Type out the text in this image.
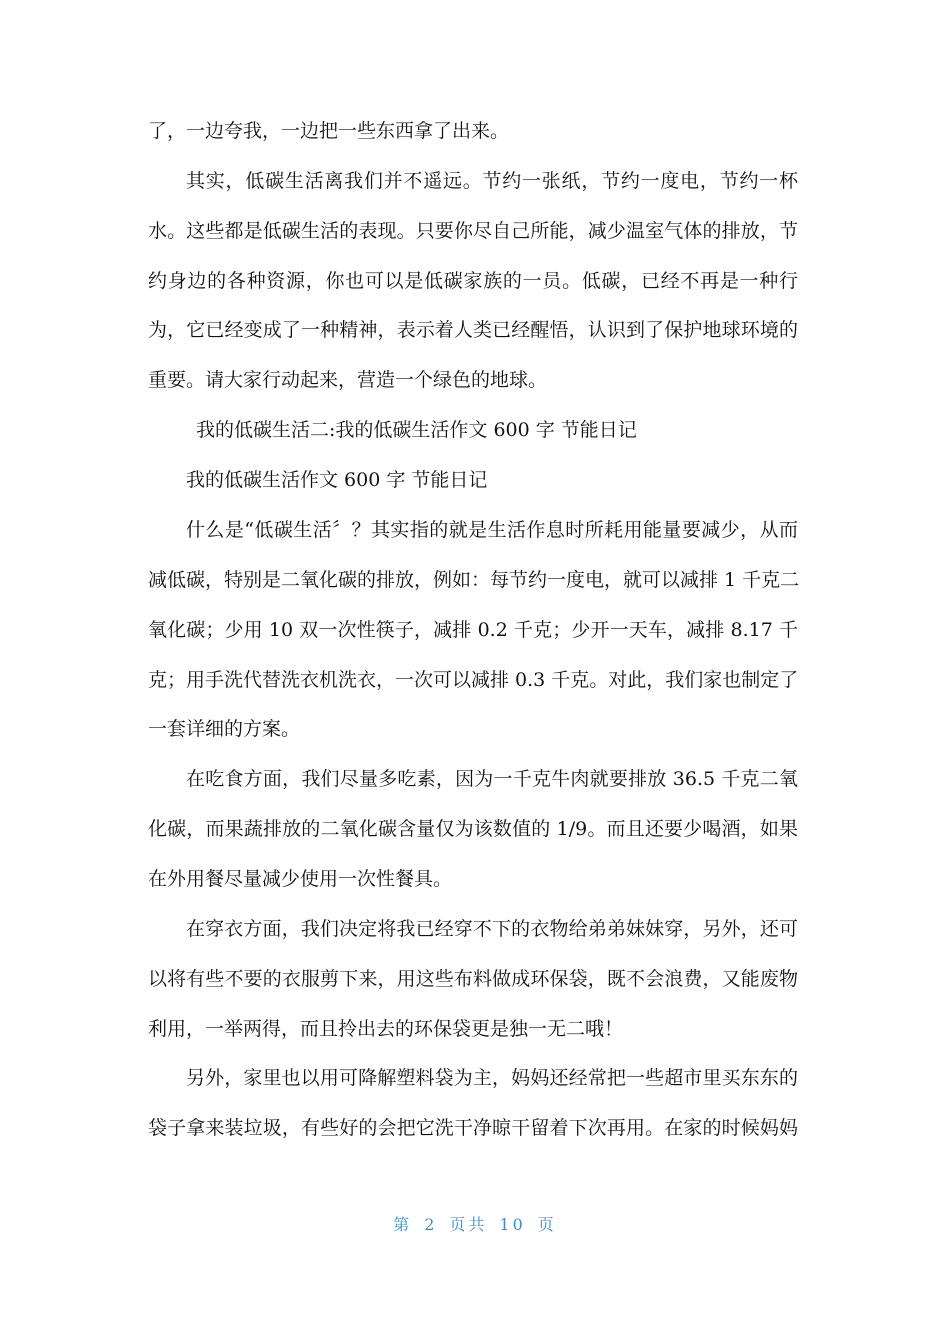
了，一边夸我，一边把一些东西拿了出来。
其实，低碳生活离我们并不遥远。节约一张纸，节约一度电，节约一杯
水。这些都是低碳生活的表现。只要你尽自己所能，减少温室气体的排放，节
约身边的各种资源，你也可以是低碳家族的一员。低碳，已经不再是一种行
为，它已经变成了一种精神，表示着人类已经醒悟，认识到了保护地球环境的
重要。请大家行动起来，营造一个绿色的地球。
我的低碳生活二:我的低碳生活作文 600 字 节能日记
我的低碳生活作文 600 字 节能日记
什么是“低碳生活〞？其实指的就是生活作息时所耗用能量要减少，从而
减低碳，特别是二氧化碳的排放，例如：每节约一度电，就可以减排 1 千克二
氧化碳；少用 10 双一次性筷子，减排 0.2 千克；少开一天车，减排 8.17 千
克；用手洗代替洗衣机洗衣，一次可以减排 0.3 千克。对此，我们家也制定了
一套详细的方案。
在吃食方面，我们尽量多吃素，因为一千克牛肉就要排放 36.5 千克二氧
化碳，而果蔬排放的二氧化碳含量仅为该数值的 1/9。而且还要少喝酒，如果
在外用餐尽量减少使用一次性餐具。
在穿衣方面，我们决定将我已经穿不下的衣物给弟弟妹妹穿，另外，还可
以将有些不要的衣服剪下来，用这些布料做成环保袋，既不会浪费，又能废物
利用，一举两得，而且拎出去的环保袋更是独一无二哦！
另外，家里也以用可降解塑料袋为主，妈妈还经常把一些超市里买东东的
袋子拿来装垃圾，有些好的会把它洗干净晾干留着下次再用。在家的时候妈妈
第 2 页共 10 页
